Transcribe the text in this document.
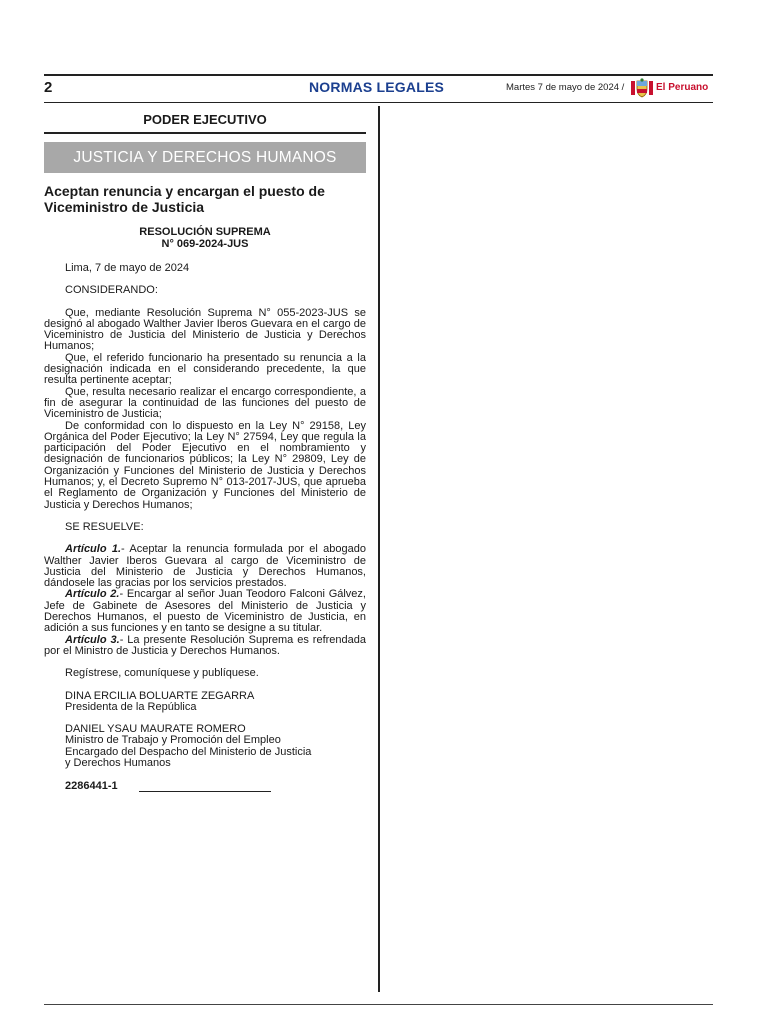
2	NORMAS LEGALES	Martes 7 de mayo de 2024 /	El Peruano
PODER EJECUTIVO
JUSTICIA Y DERECHOS HUMANOS
Aceptan renuncia y encargan el puesto de Viceministro de Justicia
RESOLUCIÓN SUPREMA
N° 069-2024-JUS

Lima, 7 de mayo de 2024

CONSIDERANDO:

Que, mediante Resolución Suprema N° 055-2023-JUS se designó al abogado Walther Javier Iberos Guevara en el cargo de Viceministro de Justicia del Ministerio de Justicia y Derechos Humanos;

Que, el referido funcionario ha presentado su renuncia a la designación indicada en el considerando precedente, la que resulta pertinente aceptar;

Que, resulta necesario realizar el encargo correspondiente, a fin de asegurar la continuidad de las funciones del puesto de Viceministro de Justicia;

De conformidad con lo dispuesto en la Ley N° 29158, Ley Orgánica del Poder Ejecutivo; la Ley N° 27594, Ley que regula la participación del Poder Ejecutivo en el nombramiento y designación de funcionarios públicos; la Ley N° 29809, Ley de Organización y Funciones del Ministerio de Justicia y Derechos Humanos; y, el Decreto Supremo N° 013-2017-JUS, que aprueba el Reglamento de Organización y Funciones del Ministerio de Justicia y Derechos Humanos;

SE RESUELVE:

Artículo 1.- Aceptar la renuncia formulada por el abogado Walther Javier Iberos Guevara al cargo de Viceministro de Justicia del Ministerio de Justicia y Derechos Humanos, dándosele las gracias por los servicios prestados.

Artículo 2.- Encargar al señor Juan Teodoro Falconi Gálvez, Jefe de Gabinete de Asesores del Ministerio de Justicia y Derechos Humanos, el puesto de Viceministro de Justicia, en adición a sus funciones y en tanto se designe a su titular.

Artículo 3.- La presente Resolución Suprema es refrendada por el Ministro de Justicia y Derechos Humanos.

Regístrese, comuníquese y publíquese.

DINA ERCILIA BOLUARTE ZEGARRA
Presidenta de la República
DANIEL YSAU MAURATE ROMERO
Ministro de Trabajo y Promoción del Empleo
Encargado del Despacho del Ministerio de Justicia
y Derechos Humanos
2286441-1
